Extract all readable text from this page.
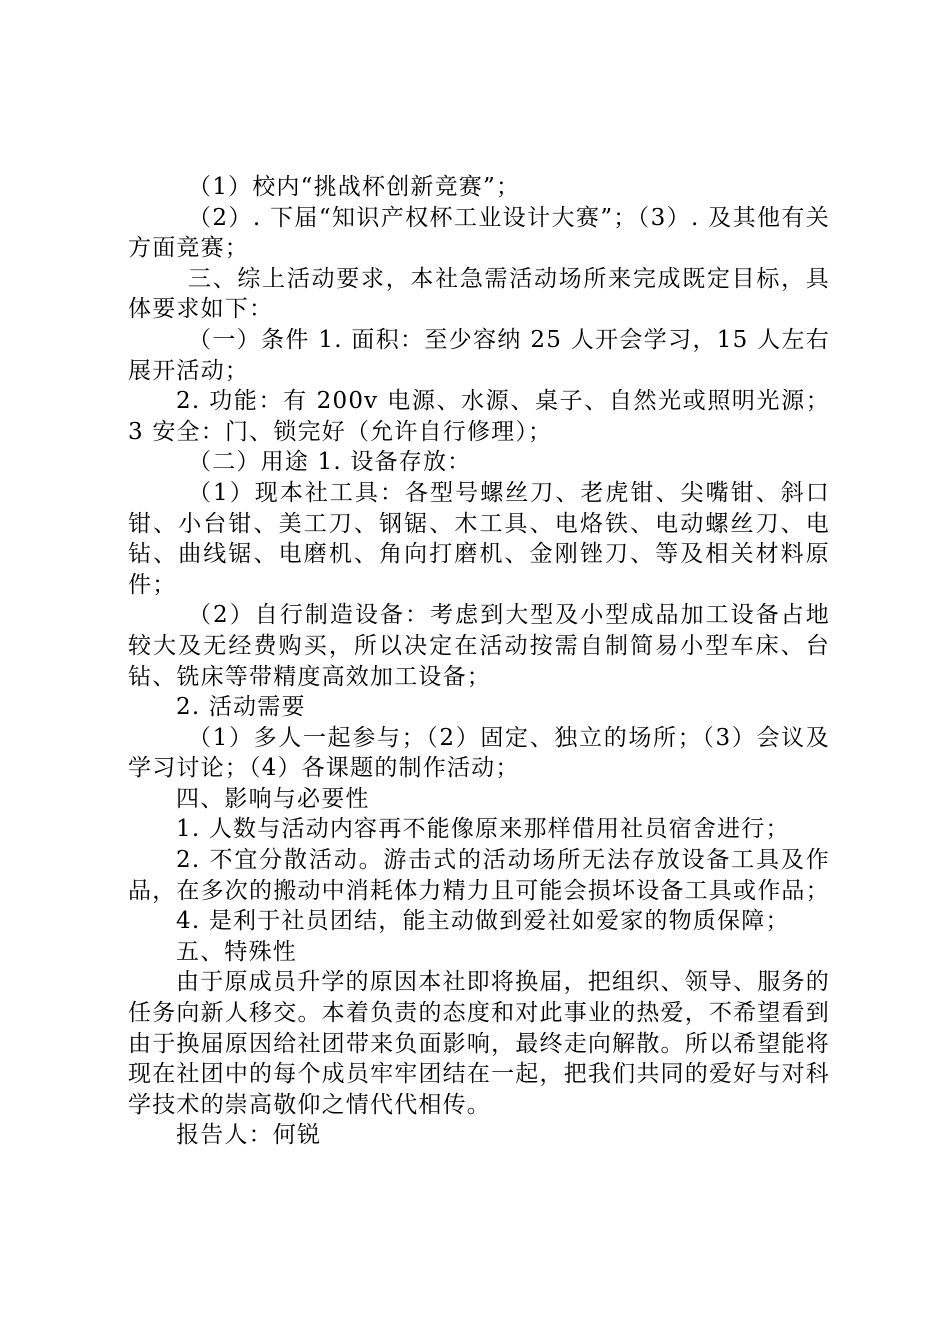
（1）校内“挑战杯创新竞赛”；

（2）. 下届“知识产权杯工业设计大赛”；（3）. 及其他有关方面竞赛；

三、综上活动要求，本社急需活动场所来完成既定目标，具体要求如下：

（一）条件 1. 面积：至少容纳 25 人开会学习，15 人左右展开活动；

2. 功能：有 200v 电源、水源、桌子、自然光或照明光源；3 安全：门、锁完好（允许自行修理）；

（二）用途 1. 设备存放：

（1）现本社工具：各型号螺丝刀、老虎钳、尖嘴钳、斜口钳、小台钳、美工刀、钢锯、木工具、电烙铁、电动螺丝刀、电钻、曲线锯、电磨机、角向打磨机、金刚锉刀、等及相关材料原件；

（2）自行制造设备：考虑到大型及小型成品加工设备占地较大及无经费购买，所以决定在活动按需自制简易小型车床、台钻、铣床等带精度高效加工设备；

2. 活动需要

（1）多人一起参与；（2）固定、独立的场所；（3）会议及学习讨论；（4）各课题的制作活动；

四、影响与必要性

1. 人数与活动内容再不能像原来那样借用社员宿舍进行；

2. 不宜分散活动。游击式的活动场所无法存放设备工具及作品，在多次的搬动中消耗体力精力且可能会损坏设备工具或作品；

4. 是利于社员团结，能主动做到爱社如爱家的物质保障；

五、特殊性

由于原成员升学的原因本社即将换届，把组织、领导、服务的任务向新人移交。本着负责的态度和对此事业的热爱，不希望看到由于换届原因给社团带来负面影响，最终走向解散。所以希望能将现在社团中的每个成员牢牢团结在一起，把我们共同的爱好与对科学技术的崇高敬仰之情代代相传。

报告人：何锐
